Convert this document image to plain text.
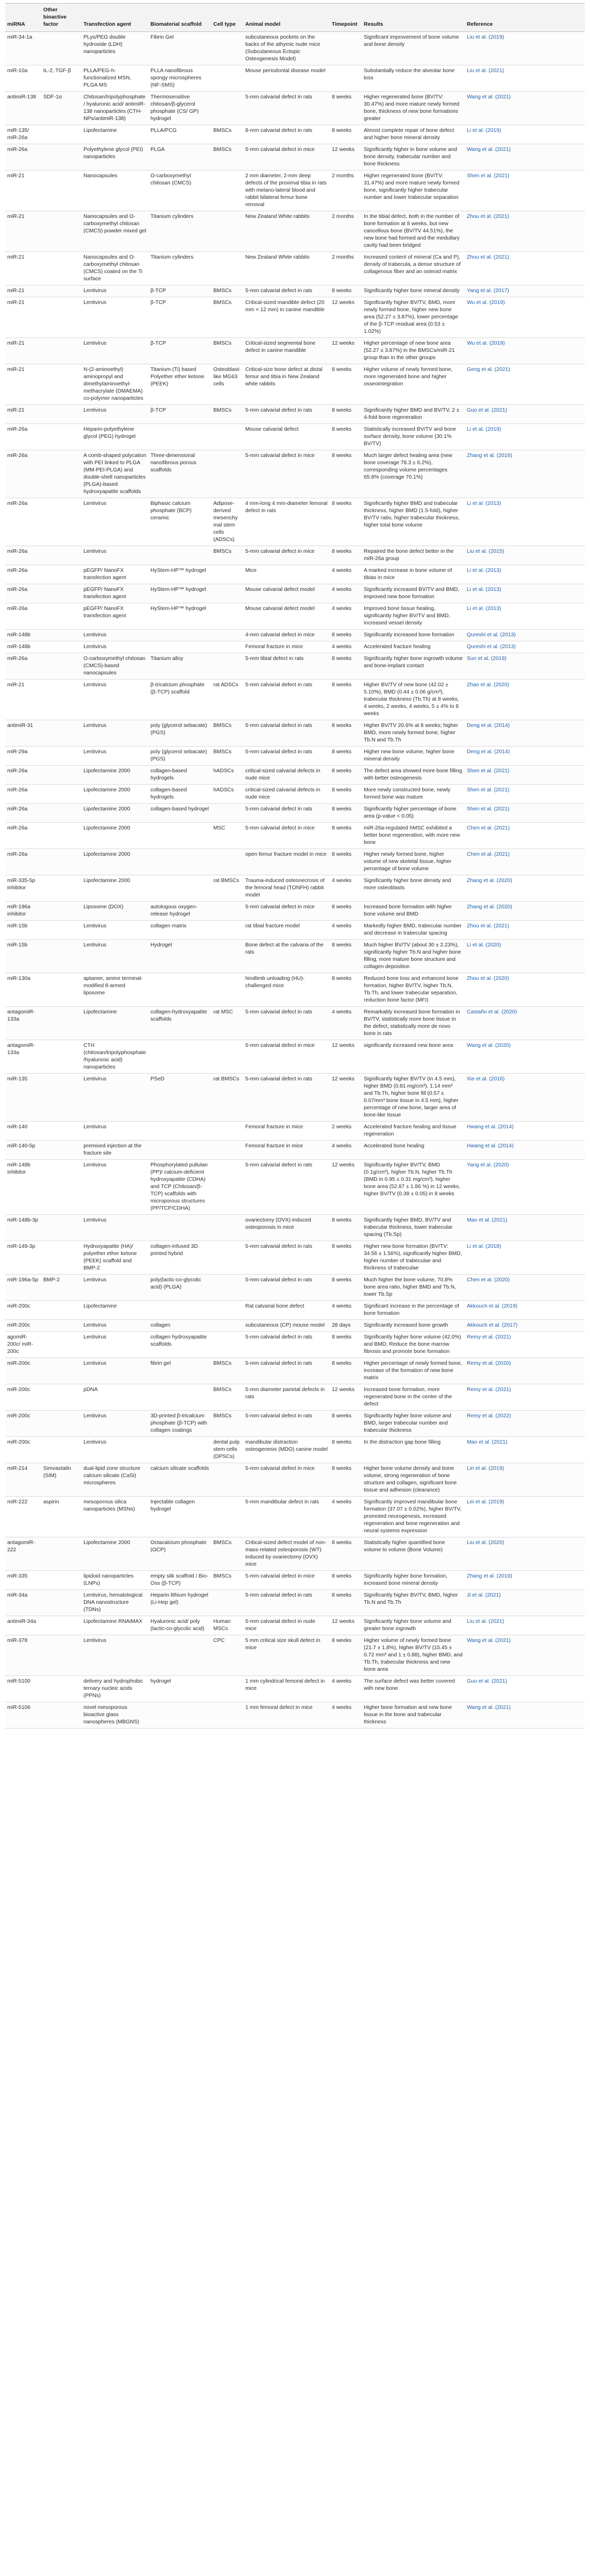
miRNA	Other bioactive factor	Transfection agent	Biomaterial scaffold	Cell type	Animal model	Timepoint	Results	Reference
miR-34-1a		PLys/PEG double hydroxide (LDH) nanoparticles	Fibrin Gel		subcutaneous pockets on the backs of the athymic nude mice (Subcutaneous Ectopic Osteogenesis Model)		Significant improvement of bone volume and bone density	Liu et al. (2019)
miR-10a	IL-2, TGF-β	PLLA/PEG-h-functionalized MSN, PLGA MS	PLLA nanofibrous spongy microspheres (NF-SMS)		Mouse periodontal disease model		Substantially reduce the alveolar bone loss	Liu et al. (2021)
antimiR-138	SDF-1α	Chitosan/tripolyphosphate/ hyaluronic acid/ antimiR-138 nanoparticles (CTH-NPs/antimiR-138)	Thermosensitive chitosan/β-glycerol phosphate (CS/ GP) hydrogel		5-mm calvarial defect in rats	8 weeks	Higher regenerated bone (BV/TV: 30.47%) and more mature newly formed bone, thickness of new bone formations greater	Wang et al. (2021)
miR-135/ miR-26a		Lipofectamine	PLLA/PCG	BMSCs	8-mm calvarial defect in rats	8 weeks	Almost complete repair of bone defect and higher bone mineral density	Li et al. (2019)
miR-26a		Polyethylene glycol (PEI) nanoparticles	PLGA	BMSCs	5-mm calvarial defect in mice	12 weeks	Significantly higher in bone volume and bone density, trabecular number and bone thickness	Wang et al. (2021)
miR-21		Nanocapsules	O-carboxymethyl chitosan (CMCS)		2 mm diameter, 2-mm deep defects of the proximal tibia in rats with melano-lateral blood and rabbit bilateral femur bone removal	2 months	Higher regenerated bone (BV/TV: 31.47%) and more mature newly formed bone, significantly higher trabecular number and lower trabecular separation	Shen et al. (2021)
miR-21		Nanocapsules and O-carboxymethyl chitosan (CMCS) powder mixed gel	Titanium cylinders		New Zealand White rabbits	2 months	In the tibial defect, both in the number of bone formation at 8 weeks, but new cancellous bone (BV/TV 44.51%), the new bone had formed and the medullary cavity had been bridged	Zhou et al. (2021)
miR-21		Nanocapsules and O-carboxymethyl chitosan (CMCS) coated on the Ti surface	Titanium cylinders		New Zealand White rabbits	2 months	Increased content of mineral (Ca and P), density of trabecula, a dense structure of collagenous fiber and an osteoid matrix	Zhou et al. (2021)
miR-21		Lentivirus	β-TCP	BMSCs	5-mm calvarial defect in rats	8 weeks	Significantly higher bone mineral density	Yang et al. (2017)
miR-21		Lentivirus	β-TCP	BMSCs	Critical-sized mandible defect (20 mm × 12 mm) in canine mandible	12 weeks	Significantly higher BV/TV, BMD, more newly formed bone, higher new bone area (52.27 ± 3.87%), lower percentage of the β-TCP residual area (0.53 ± 1.02%)	Wu et al. (2019)
miR-21		Lentivirus	β-TCP	BMSCs	Critical-sized segmental bone defect in canine mandible	12 weeks	Higher percentage of new bone area (52.27 ± 3.87%) in the BMSCs/miR-21 group than in the other groups	Wu et al. (2019)
miR-21		N-(2-aminoethyl) aminopropyl and dimethylaminoethyl-methacrylate (DMAEMA) co-polymer nanoparticles	Titanium (Ti) based Polyether ether ketone (PEEK)	Osteoblast-like MG63 cells	Critical-size bone defect at distal femur and tibia in New Zealand white rabbits	8 weeks	Higher volume of newly formed bone, more regenerated bone and higher osseointegration	Geng et al. (2021)
miR-21		Lentivirus	β-TCP	BMSCs	5-mm calvarial defect in rats	8 weeks	Significantly higher BMD and BV/TV, 2 ± 4-fold bone regeneration	Guo et al. (2021)
miR-26a		Heparin-polyethylene glycol (PEG) hydrogel			Mouse calvarial defect	8 weeks	Statistically increased BV/TV and bone surface density, bone volume (30.1% BV/TV)	Li et al. (2019)
miR-26a		A comb-shaped polycation with PEI linked to PLGA (MM-PEI-PLGA) and double-shell nanoparticles (PLGA)-based hydroxyapatite scaffolds	Three-dimensional nanofibrous porous scaffolds		5-mm calvarial defect in mice	8 weeks	Much larger defect healing area (new bone coverage 78.3 ± 6.2%), corresponding volume percentages 65.8% (coverage 70.1%)	Zhang et al. (2016)
miR-26a		Lentivirus	Biphasic calcium phosphate (BCP) ceramic	Adipose-derived mesenchymal stem cells (ADSCs)	4 mm-long 4 mm-diameter femoral defect in rats	8 weeks	Significantly higher BMD and trabecular thickness, higher BMD (1.5-fold), higher BV/TV ratio, higher trabecular thickness, higher total bone volume	Li et al. (2013)
miR-26a		Lentivirus		BMSCs	5-mm calvarial defect in mice	8 weeks	Repaired the bone defect better in the miR-26a group	Liu et al. (2015)
miR-26a		pEGFP/ NanoFX transfection agent	HyStem-HP™ hydrogel		Mice	4 weeks	A marked increase in bone volume of tibias in mice	Li et al. (2013)
miR-26a		pEGFP/ NanoFX transfection agent	HyStem-HP™ hydrogel		Mouse calvarial defect model	4 weeks	Significantly increased BV/TV and BMD, improved new bone formation	Li et al. (2013)
miR-26a		pEGFP/ NanoFX transfection agent	HyStem-HP™ hydrogel		Mouse calvarial defect model	4 weeks	Improved bone tissue healing, significantly higher BV/TV and BMD, increased vessel density	Li et al. (2013)
miR-148b		Lentivirus			4-mm calvarial defect in mice	8 weeks	Significantly increased bone formation	Qureshi et al. (2013)
miR-148b		Lentivirus			Femoral fracture in mice	4 weeks	Accelerated fracture healing	Qureshi et al. (2013)
miR-26a		O-carboxymethyl chitosan (CMCS)-based nanocapsules	Titanium alloy		5-mm tibial defect in rats	8 weeks	Significantly higher bone ingrowth volume and bone-implant contact	Sun et al. (2019)
miR-21		Lentivirus	β-tricalcium phosphate (β-TCP) scaffold	rat ADSCs	5-mm calvarial defect in rats	8 weeks	Higher BV/TV of new bone (42.02 ± 5.10%), BMD (0.44 ± 0.06 g/cm³), trabecular thickness (Tb.Th) at 8 weeks, 4 weeks, 2 weeks, 4 weeks, 5 ± 4% to 8 weeks	Zhao et al. (2020)
antimiR-31		Lentivirus	poly (glycerol sebacate) (PGS)	BMSCs	5-mm calvarial defect in rats	8 weeks	Higher BV/TV 20.6% at 8 weeks; higher BMD, more newly formed bone; higher Tb.N and Tb.Th	Deng et al. (2014)
miR-29a		Lentivirus	poly (glycerol sebacate) (PGS)	BMSCs	5-mm calvarial defect in rats	8 weeks	Higher new bone volume, higher bone mineral density	Deng et al. (2014)
miR-26a		Lipofectamine 2000	collagen-based hydrogels	hADSCs	critical-sized calvarial defects in nude mice	8 weeks	The defect area showed more bone filling with better osteogenesis	Shen et al. (2021)
miR-26a		Lipofectamine 2000	collagen-based hydrogels	hADSCs	critical-sized calvarial defects in nude mice	8 weeks	More newly constructed bone, newly formed bone was mature	Shen et al. (2021)
miR-26a		Lipofectamine 2000	collagen-based hydrogel		5-mm calvarial defect in rats	8 weeks	Significantly higher percentage of bone area (p-value < 0.05)	Shen et al. (2021)
miR-26a		Lipofectamine 2000		MSC	5-mm calvarial defect in mice	8 weeks	miR-26a-regulated hMSC exhibited a better bone regeneration, with more new bone	Chen et al. (2021)
miR-26a		Lipofectamine 2000			open femur fracture model in mice	8 weeks	Higher newly formed bone, higher volume of new skeletal tissue, higher percentage of bone volume	Chen et al. (2021)
miR-335-5p inhibitor		Lipofectamine 2000		rat BMSCs	Trauma-induced osteonecrosis of the femoral head (TONFH) rabbit model	4 weeks	Significantly higher bone density and more osteoblasts	Zhang et al. (2020)
miR-196a inhibitor		Liposome (DOX)	autologous oxygen-release hydrogel		5-mm calvarial defect in mice	8 weeks	Increased bone formation with higher bone volume and BMD	Zhang et al. (2020)
miR-15b		Lentivirus	collagen matrix		rat tibial fracture model	4 weeks	Markedly higher BMD, trabecular number and decrease in trabecular spacing	Zhou et al. (2021)
miR-15b		Lentivirus	Hydrogel		Bone defect at the calvaria of the rats	8 weeks	Much higher BV/TV (about 30 ± 2.23%), significantly higher Tb.N and higher bone filling, more mature bone structure and collagen deposition	Li et al. (2020)
miR-130a		aptamer, amine terminal-modified 8-armed liposome			hindlimb unloading (HU)-challenged mice	8 weeks	Reduced bone loss and enhanced bone formation, higher BV/TV, higher Tb.N, Tb.Th, and lower trabecular separation, reduction bone factor (MFI)	Zhou et al. (2020)
antagomiR-133a		Lipofectamine	collagen-hydroxyapatite scaffolds	rat MSC	5-mm calvarial defect in rats	4 weeks	Remarkably increased bone formation in BV/TV, statistically more bone tissue in the defect, statistically more de novo bone in rats	Castaño et al. (2020)
antagomiR-133a		CTH (chitosan/tripolyphosphate/hyaluronic acid) nanoparticles			5-mm calvarial defect in mice	12 weeks	significantly increased new bone area	Wang et al. (2020)
miR-135		Lentivirus	PSeD	rat BMSCs	5-mm calvarial defect in rats	12 weeks	Significantly higher BV/TV (in 4.5 mm), higher BMD (0.81 mg/cm³), 1.14 mm³ and Tb.Th, higher bone fill (0.57 ± 0.07mm³ bone tissue in 4.5 mm), higher percentage of new bone, larger area of bone-like tissue	Xie et al. (2016)
miR-140		Lentivirus			Femoral fracture in mice	2 weeks	Accelerated fracture healing and tissue regeneration	Hwang et al. (2014)
miR-140-5p		premixed injection at the fracture site			Femoral fracture in mice	4 weeks	Accelerated bone healing	Hwang et al. (2014)
miR-148b inhibitor		Lentivirus	Phosphorylated pullulan (PP)/ calcium-deficient hydroxyapatite (CDHA) and TCP (Chitosan/β-TCP) scaffolds with microporous structures (PP/TCP/CDHA)		5-mm calvarial defect in rats	12 weeks	Significantly higher BV/TV, BMD (0.1g/cm³), higher Tb.N, higher Tb.Th (BMD in 0.95 ± 0.31 mg/cm³), higher bone area (52.87 ± 1.86 %) in 12 weeks, higher BV/TV (0.38 ± 0.05) in 8 weeks	Yang et al. (2020)
miR-148b-3p		Lentivirus			ovariectomy (OVX)-induced osteoporosis in mice	8 weeks	Significantly higher BMD, BV/TV and trabecular thickness, lower trabecular spacing (Tb.Sp)	Mao et al. (2021)
miR-149-3p		Hydroxyapatite (HA)/ polyether ether ketone (PEEK) scaffold and BMP-2	collagen-infused 3D printed hybrid		5-mm calvarial defect in rats	8 weeks	Higher new bone formation (BV/TV: 34.56 ± 1.56%), significantly higher BMD, higher number of trabeculae and thickness of trabeculae	Li et al. (2018)
miR-196a-5p	BMP-2	Lentivirus	poly(lactic-co-glycolic acid) (PLGA)		5-mm calvarial defect in rats	8 weeks	Much higher the bone volume, 70.8% bone area ratio, higher BMD and Tb.N, lower Tb.Sp	Chen et al. (2020)
miR-200c		Lipofectamine			Rat calvarial bone defect	4 weeks	Significant increase in the percentage of bone formation	Akkouch et al. (2019)
miR-200c		Lentivirus	collagen		subcutaneous (CP) mouse model	28 days	Significantly increased bone growth	Akkouch et al. (2017)
agomiR-200c/ miR-200c		Lentivirus	collagen hydroxyapatite scaffolds		5-mm calvarial defect in rats	8 weeks	Significantly higher bone volume (42.0%) and BMD; Reduce the bone marrow fibrosis and promote bone formation	Remy et al. (2021)
miR-200c		Lentivirus	fibrin gel	BMSCs	5-mm calvarial defect in rats	8 weeks	Higher percentage of newly formed bone, increase of the formation of new bone matrix	Remy et al. (2020)
miR-200c		pDNA		BMSCs	5-mm diameter parietal defects in rats	12 weeks	Increased bone formation, more regenerated bone in the center of the defect	Remy et al. (2021)
miR-200c		Lentivirus	3D-printed β-tricalcium phosphate (β-TCP) with collagen coatings	BMSCs	5-mm calvarial defect in rats	8 weeks	Significantly higher bone volume and BMD, larger trabecular number and trabecular thickness	Remy et al. (2022)
miR-200c		Lentivirus		dental pulp stem cells (DPSCs)	mandibular distraction osteogenesis (MDO) canine model	8 weeks	In the distraction gap bone filling	Mao et al. (2021)
miR-214	Simvastatin (SIM)	dual-lipid zone structure calcium silicate (CaSi) microspheres	calcium silicate scaffolds		5-mm calvarial defect in mice	8 weeks	Higher bone volume density and bone volume, strong regeneration of bone structure and collagen, significant bone tissue and adhesion (clearance)	Lin et al. (2019)
miR-222	aspirin	mesoporous silica nanoparticles (MSNs)	Injectable collagen hydrogel		5-mm mandibular defect in rats	4 weeks	Significantly improved mandibular bone formation (37.07 ± 0.02%), higher BV/TV, promoted neurogenesis, increased regeneration and bone regeneration and neural systems expression	Lei et al. (2019)
antagomiR-222		Lipofectamine 2000	Octacalcium phosphate (OCP)	BMSCs	Critical-sized defect model of non-mass-related osteoporosis (WT) induced by ovariectomy (OVX) mice	8 weeks	Statistically higher quantified bone volume to volume (Bone Volume)	Liu et al. (2020)
miR-335		lipidoid nanoparticles (LNPs)	empty silk scaffold / Bio-Oss (β-TCP)	BMSCs	5-mm calvarial defect in mice	8 weeks	Significantly higher bone formation, increased bone mineral density	Zhang et al. (2019)
miR-34a		Lentivirus, hematological DNA nanostructure (TDNs)	Heparin lithium hydrogel (Li-Hep gel)		5-mm calvarial defect in rats	8 weeks	Significantly higher BV/TV, BMD, higher Tb.N and Tb.Th	Ji et al. (2021)
antimiR-34a		Lipofectamine RNAiMAX	Hyaluronic acid/ poly (lactic-co-glycolic acid)	Human MSCs	5-mm calvarial defect in nude mice	12 weeks	Significantly higher bone volume and greater bone ingrowth	Liu et al. (2021)
miR-378		Lentivirus		CPC	5 mm critical size skull defect in mice	8 weeks	Higher volume of newly formed bone (21.7 ± 1.8%), higher BV/TV (15.45 ± 0.72 mm³ and 1 ± 0.88), higher BMD, and Tb.Th, trabecular thickness and new bone area	Wang et al. (2021)
miR-5100		delivery and hydrophobic ternary nucleic acids (PPNs)	hydrogel		1 mm cylindrical femoral defect in mice	4 weeks	The surface defect was better covered with new bone	Guo et al. (2021)
miR-5106		novel mesoporous bioactive glass nanospheres (MBGNS)			1 mm femoral defect in mice	4 weeks	Higher bone formation and new bone tissue in the bone and trabecular thickness	Wang et al. (2021)
